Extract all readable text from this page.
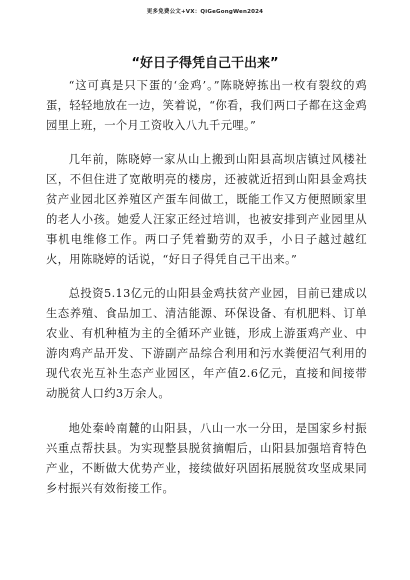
更多免费公文+VX：QiGeGongWen2024
“好日子得凭自己干出来”

“这可真是只下蛋的‘金鸡’。”陈晓婷拣出一枚有裂纹的鸡蛋，轻轻地放在一边，笑着说，“你看，我们两口子都在这金鸡园里上班，一个月工资收入八九千元哩。”

几年前，陈晓婷一家从山上搬到山阳县高坝店镇过风楼社区，不但住进了宽敞明亮的楼房，还被就近招到山阳县金鸡扶贫产业园北区养殖区产蛋车间做工，既能工作又方便照顾家里的老人小孩。她爱人汪家正经过培训，也被安排到产业园里从事机电维修工作。两口子凭着勤劳的双手，小日子越过越红火，用陈晓婷的话说，“好日子得凭自己干出来。”

总投资5.13亿元的山阳县金鸡扶贫产业园，目前已建成以生态养殖、食品加工、清洁能源、环保设备、有机肥料、订单农业、有机种植为主的全循环产业链，形成上游蛋鸡产业、中游肉鸡产品开发、下游副产品综合利用和污水粪便沼气利用的现代农光互补生态产业园区，年产值2.6亿元，直接和间接带动脱贫人口约3万余人。

地处秦岭南麓的山阳县，八山一水一分田，是国家乡村振兴重点帮扶县。为实现整县脱贫摘帽后，山阳县加强培育特色产业，不断做大优势产业，接续做好巩固拓展脱贫攻坚成果同乡村振兴有效衔接工作。
